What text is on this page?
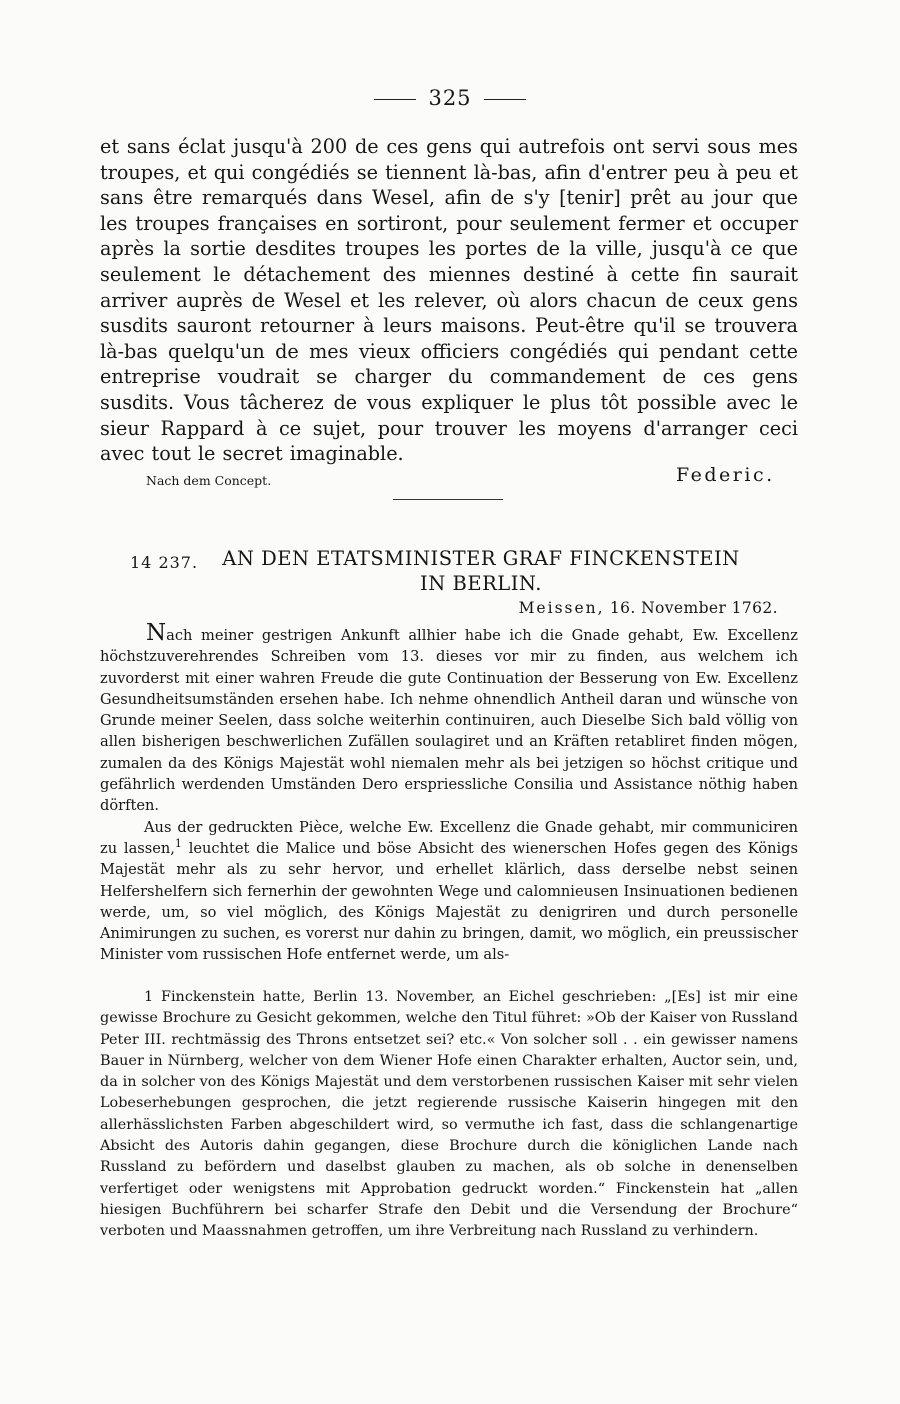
325

et sans éclat jusqu'à 200 de ces gens qui autrefois ont servi sous mes troupes, et qui congédiés se tiennent là-bas, afin d'entrer peu à peu et sans être remarqués dans Wesel, afin de s'y [tenir] prêt au jour que les troupes françaises en sortiront, pour seulement fermer et occuper après la sortie desdites troupes les portes de la ville, jusqu'à ce que seulement le détachement des miennes destiné à cette fin saurait arriver auprès de Wesel et les relever, où alors chacun de ceux gens susdits sauront retourner à leurs maisons. Peut-être qu'il se trouvera là-bas quelqu'un de mes vieux officiers congédiés qui pendant cette entreprise voudrait se charger du commandement de ces gens susdits. Vous tâcherez de vous expliquer le plus tôt possible avec le sieur Rappard à ce sujet, pour trouver les moyens d'arranger ceci avec tout le secret imaginable.

Nach dem Concept.	Federic.
14 237.	AN DEN ETATSMINISTER GRAF FINCKENSTEIN
IN BERLIN.
Meissen, 16. November 1762.

Nach meiner gestrigen Ankunft allhier habe ich die Gnade gehabt, Ew. Excellenz höchstzuverehrendes Schreiben vom 13. dieses vor mir zu finden, aus welchem ich zuvorderst mit einer wahren Freude die gute Continuation der Besserung von Ew. Excellenz Gesundheitsumständen ersehen habe. Ich nehme ohnendlich Antheil daran und wünsche von Grunde meiner Seelen, dass solche weiterhin continuiren, auch Dieselbe Sich bald völlig von allen bisherigen beschwerlichen Zufällen soulagiret und an Kräften retabliret finden mögen, zumalen da des Königs Majestät wohl niemalen mehr als bei jetzigen so höchst critique und gefährlich werdenden Umständen Dero erspriessliche Consilia und Assistance nöthig haben dörften.

Aus der gedruckten Pièce, welche Ew. Excellenz die Gnade gehabt, mir communiciren zu lassen,$^1$ leuchtet die Malice und böse Absicht des wienerschen Hofes gegen des Königs Majestät mehr als zu sehr hervor, und erhellet klärlich, dass derselbe nebst seinen Helfershelfern sich fernerhin der gewohnten Wege und calomnieusen Insinuationen bedienen werde, um, so viel möglich, des Königs Majestät zu denigriren und durch personelle Animirungen zu suchen, es vorerst nur dahin zu bringen, damit, wo möglich, ein preussischer Minister vom russischen Hofe entfernet werde, um als-

1 Finckenstein hatte, Berlin 13. November, an Eichel geschrieben: „[Es] ist mir eine gewisse Brochure zu Gesicht gekommen, welche den Titul führet: »Ob der Kaiser von Russland Peter III. rechtmässig des Throns entsetzet sei? etc.« Von solcher soll . . ein gewisser namens Bauer in Nürnberg, welcher von dem Wiener Hofe einen Charakter erhalten, Auctor sein, und, da in solcher von des Königs Majestät und dem verstorbenen russischen Kaiser mit sehr vielen Lobeserhebungen gesprochen, die jetzt regierende russische Kaiserin hingegen mit den allerhässlichsten Farben abgeschildert wird, so vermuthe ich fast, dass die schlangenartige Absicht des Autoris dahin gegangen, diese Brochure durch die königlichen Lande nach Russland zu befördern und daselbst glauben zu machen, als ob solche in denenselben verfertiget oder wenigstens mit Approbation gedruckt worden.“ Finckenstein hat „allen hiesigen Buchführern bei scharfer Strafe den Debit und die Versendung der Brochure“ verboten und Maassnahmen getroffen, um ihre Verbreitung nach Russland zu verhindern.
